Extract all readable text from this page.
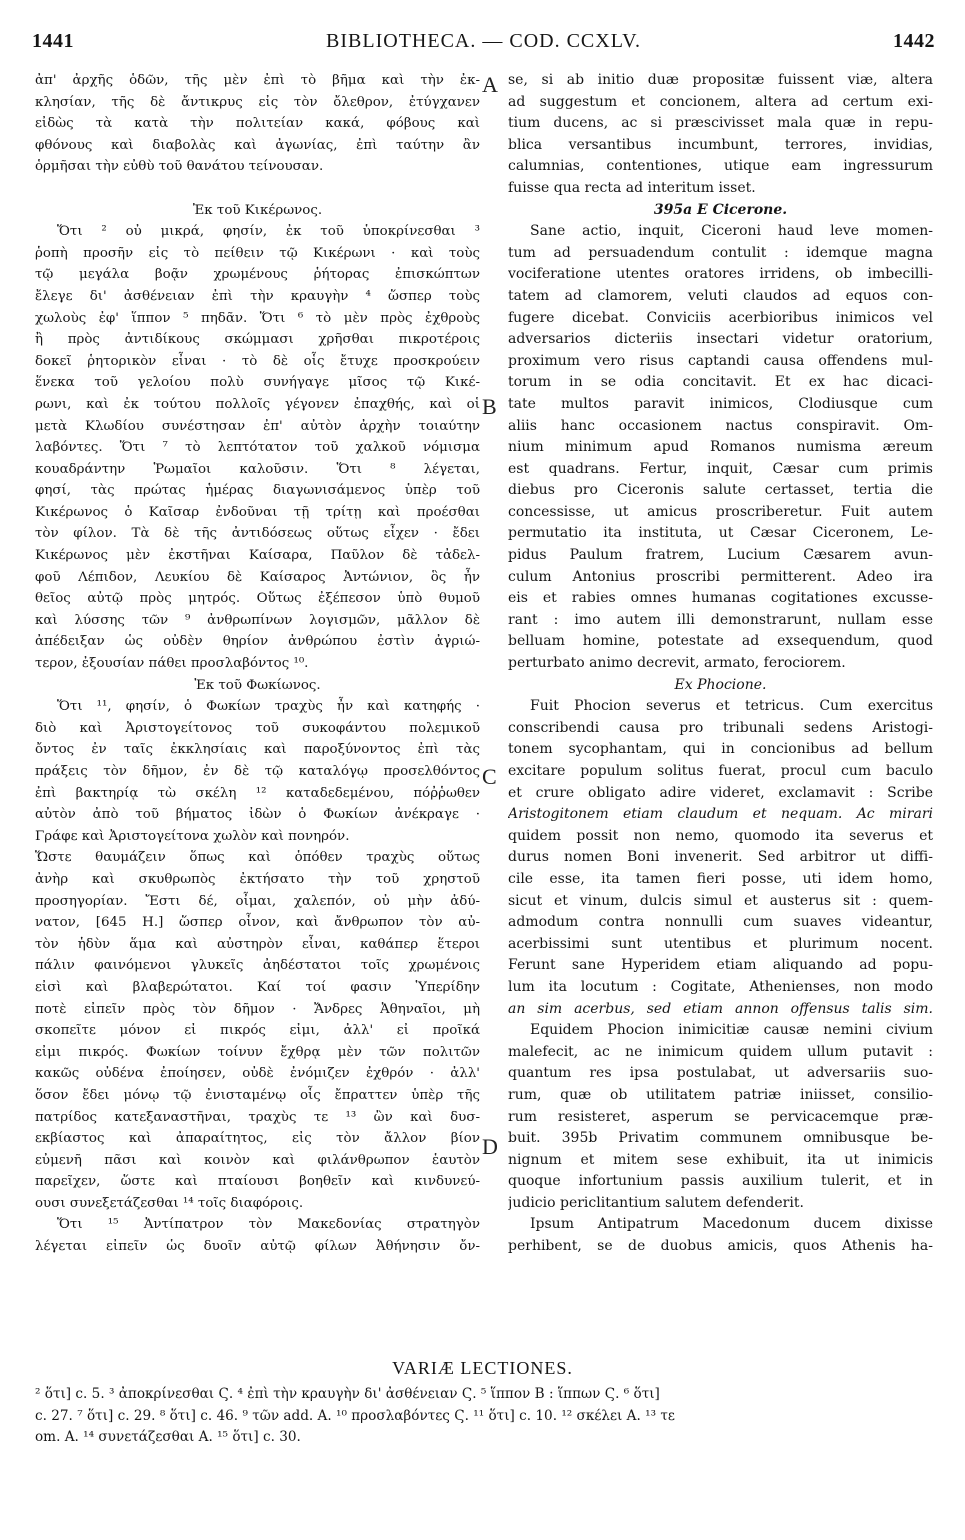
BIBLIOTHECA. — COD. CCXLV.
1441	1442
ἀπ' ἀρχῆς ὁδῶν, τῆς μὲν ἐπὶ τὸ βῆμα καὶ τὴν ἐκ-
κλησίαν, τῆς δὲ ἄντικρυς εἰς τὸν ὄλεθρον, ἐτύγχανεν
εἰδὼς τὰ κατὰ τὴν πολιτείαν κακά, φόβους καὶ
φθόνους καὶ διαβολὰς καὶ ἀγωνίας, ἐπὶ ταύτην ἂν
ὁρμῆσαι τὴν εὐθὺ τοῦ θανάτου τείνουσαν.
Ἐκ τοῦ Κικέρωνος.
Ὅτι ² οὐ μικρά, φησίν, ἐκ τοῦ ὑποκρίνεσθαι ³
ῥοπὴ προσῆν εἰς τὸ πείθειν τῷ Κικέρωνι · καὶ τοὺς
τῷ μεγάλα βοᾷν χρωμένους ῥήτορας ἐπισκώπτων
ἔλεγε δι' ἀσθένειαν ἐπὶ τὴν κραυγὴν ⁴ ὥσπερ τοὺς
χωλοὺς ἐφ' ἵππον ⁵ πηδᾶν. Ὅτι ⁶ τὸ μὲν πρὸς ἐχθροὺς
ἢ πρὸς ἀντιδίκους σκώμμασι χρῆσθαι πικροτέροις
δοκεῖ ῥητορικὸν εἶναι · τὸ δὲ οἷς ἔτυχε προσκρούειν
ἕνεκα τοῦ γελοίου πολὺ συνήγαγε μῖσος τῷ Κικέ-
ρωνι, καὶ ἐκ τούτου πολλοῖς γέγονεν ἐπαχθής, καὶ οἱ
μετὰ Κλωδίου συνέστησαν ἐπ' αὐτὸν ἀρχὴν τοιαύτην
λαβόντες. Ὅτι ⁷ τὸ λεπτότατον τοῦ χαλκοῦ νόμισμα
κουαδράντην Ῥωμαῖοι καλοῦσιν. Ὅτι ⁸ λέγεται,
φησί, τὰς πρώτας ἡμέρας διαγωνισάμενος ὑπὲρ τοῦ
Κικέρωνος ὁ Καῖσαρ ἐνδοῦναι τῇ τρίτῃ καὶ προέσθαι
τὸν φίλον. Τὰ δὲ τῆς ἀντιδόσεως οὕτως εἶχεν · ἔδει
Κικέρωνος μὲν ἐκστῆναι Καίσαρα, Παῦλον δὲ τἀδελ-
φοῦ Λέπιδον, Λευκίου δὲ Καίσαρος Ἀντώνιον, ὃς ἦν
θεῖος αὐτῷ πρὸς μητρός. Οὕτως ἐξέπεσον ὑπὸ θυμοῦ
καὶ λύσσης τῶν ⁹ ἀνθρωπίνων λογισμῶν, μᾶλλον δὲ
ἀπέδειξαν ὡς οὐδὲν θηρίον ἀνθρώπου ἐστὶν ἀγριώ-
τερον, ἐξουσίαν πάθει προσλαβόντος ¹⁰.
Ἐκ τοῦ Φωκίωνος.
Ὅτι ¹¹, φησίν, ὁ Φωκίων τραχὺς ἦν καὶ κατηφής ·
διὸ καὶ Ἀριστογείτονος τοῦ συκοφάντου πολεμικοῦ
ὄντος ἐν ταῖς ἐκκλησίαις καὶ παροξύνοντος ἐπὶ τὰς
πράξεις τὸν δῆμον, ἐν δὲ τῷ καταλόγῳ προσελθόντος
ἐπὶ βακτηρίᾳ τὼ σκέλη ¹² καταδεδεμένου, πόῤῥωθεν
αὐτὸν ἀπὸ τοῦ βήματος ἰδὼν ὁ Φωκίων ἀνέκραγε ·
Γράφε καὶ Ἀριστογείτονα χωλὸν καὶ πονηρόν.
Ὥστε θαυμάζειν ὅπως καὶ ὁπόθεν τραχὺς οὕτως
ἀνὴρ καὶ σκυθρωπὸς ἐκτήσατο τὴν τοῦ χρηστοῦ
προσηγορίαν. Ἔστι δέ, οἶμαι, χαλεπόν, οὐ μὴν ἀδύ-
νατον, [645 H.] ὥσπερ οἶνον, καὶ ἄνθρωπον τὸν αὐ-
τὸν ἡδὺν ἅμα καὶ αὐστηρὸν εἶναι, καθάπερ ἕτεροι
πάλιν φαινόμενοι γλυκεῖς ἀηδέστατοι τοῖς χρωμένοις
εἰσὶ καὶ βλαβερώτατοι. Καί τοί φασιν Ὑπερίδην
ποτὲ εἰπεῖν πρὸς τὸν δῆμον · Ἄνδρες Ἀθηναῖοι, μὴ
σκοπεῖτε μόνον εἰ πικρός εἰμι, ἀλλ' εἰ προῖκά
εἰμι πικρός. Φωκίων τοίνυν ἔχθρᾳ μὲν τῶν πολιτῶν
κακῶς οὐδένα ἐποίησεν, οὐδὲ ἐνόμιζεν ἐχθρόν · ἀλλ'
ὅσον ἔδει μόνῳ τῷ ἐνισταμένῳ οἷς ἔπραττεν ὑπὲρ τῆς
πατρίδος κατεξαναστῆναι, τραχὺς τε ¹³ ὢν καὶ δυσ-
εκβίαστος καὶ ἀπαραίτητος, εἰς τὸν ἄλλον βίον
εὐμενῆ πᾶσι καὶ κοινὸν καὶ φιλάνθρωπον ἑαυτὸν
παρεῖχεν, ὥστε καὶ πταίουσι βοηθεῖν καὶ κινδυνεύ-
ουσι συνεξετάζεσθαι ¹⁴ τοῖς διαφόροις.
Ὅτι ¹⁵ Ἀντίπατρον τὸν Μακεδονίας στρατηγὸν
λέγεται εἰπεῖν ὡς δυοῖν αὐτῷ φίλων Ἀθήνησιν ὄν-
A
B
C
D
se, si ab initio duæ propositæ fuissent viæ, altera
ad suggestum et concionem, altera ad certum exi-
tium ducens, ac si præscivisset mala quæ in repu-
blica versantibus incumbunt, terrores, invidias,
calumnias, contentiones, utique eam ingressurum
fuisse qua recta ad interitum isset.
395a E Cicerone.
Sane actio, inquit, Ciceroni haud leve momen-
tum ad persuadendum contulit : idemque magna
vociferatione utentes oratores irridens, ob imbecilli-
tatem ad clamorem, veluti claudos ad equos con-
fugere dicebat. Conviciis acerbioribus inimicos vel
adversarios dicteriis insectari videtur oratorium,
proximum vero risus captandi causa offendens mul-
torum in se odia concitavit. Et ex hac dicaci-
tate multos paravit inimicos, Clodiusque cum
aliis hanc occasionem nactus conspiravit. Om-
nium minimum apud Romanos numisma æreum
est quadrans. Fertur, inquit, Cæsar cum primis
diebus pro Ciceronis salute certasset, tertia die
concessisse, ut amicus proscriberetur. Fuit autem
permutatio ita instituta, ut Cæsar Ciceronem, Le-
pidus Paulum fratrem, Lucium Cæsarem avun-
culum Antonius proscribi permitterent. Adeo ira
eis et rabies omnes humanas cogitationes excusse-
rant : imo autem illi demonstrarunt, nullam esse
belluam homine, potestate ad exsequendum, quod
perturbato animo decrevit, armato, ferociorem.
Ex Phocione.
Fuit Phocion severus et tetricus. Cum exercitus
conscribendi causa pro tribunali sedens Aristogi-
tonem sycophantam, qui in concionibus ad bellum
excitare populum solitus fuerat, procul cum baculo
et crure obligato adire videret, exclamavit : Scribe
Aristogitonem etiam claudum et nequam. Ac mirari
quidem possit non nemo, quomodo ita severus et
durus nomen Boni invenerit. Sed arbitror ut diffi-
cile esse, ita tamen fieri posse, uti idem homo,
sicut et vinum, dulcis simul et austerus sit : quem-
admodum contra nonnulli cum suaves videantur,
acerbissimi sunt utentibus et plurimum nocent.
Ferunt sane Hyperidem etiam aliquando ad popu-
lum ita locutum : Cogitate, Athenienses, non modo
an sim acerbus, sed etiam annon offensus talis sim.
Equidem Phocion inimicitiæ causæ nemini civium
malefecit, ac ne inimicum quidem ullum putavit :
quantum res ipsa postulabat, ut adversariis suo-
rum, quæ ob utilitatem patriæ iniisset, consilio-
rum resisteret, asperum se pervicacemque præ-
buit. 395b Privatim communem omnibusque be-
nignum et mitem sese exhibuit, ita ut inimicis
quoque infortunium passis auxilium tulerit, et in
judicio periclitantium salutem defenderit.
Ipsum Antipatrum Macedonum ducem dixisse
perhibent, se de duobus amicis, quos Athenis ha-
VARIÆ LECTIONES.
² ὅτι] c. 5. ³ ἀποκρίνεσθαι Ϛ. ⁴ ἐπὶ τὴν κραυγὴν δι' ἀσθένειαν Ϛ. ⁵ ἵππον B : ἵππων Ϛ. ⁶ ὅτι]
c. 27. ⁷ ὅτι] c. 29. ⁸ ὅτι] c. 46. ⁹ τῶν add. A. ¹⁰ προσλαβόντες Ϛ. ¹¹ ὅτι] c. 10. ¹² σκέλει A. ¹³ τε
om. A. ¹⁴ συνετάζεσθαι A. ¹⁵ ὅτι] c. 30.
